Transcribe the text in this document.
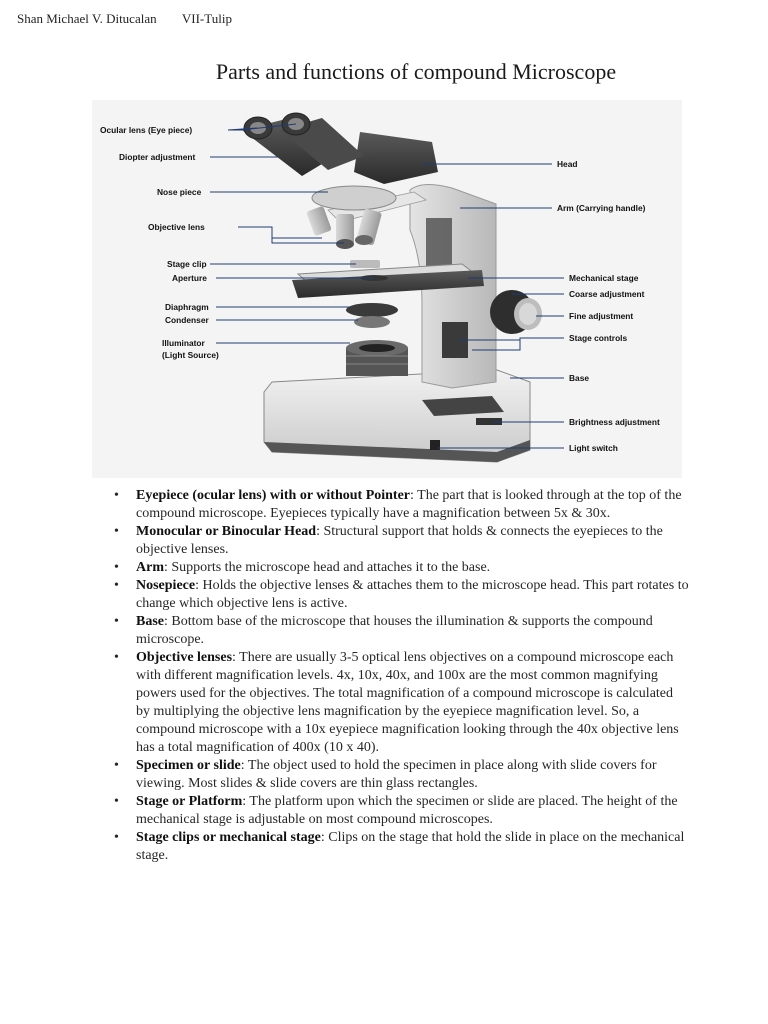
Shan Michael V. Ditucalan VII-Tulip
Parts and functions of compound Microscope
Ocular lens (Eye piece)
Diopter adjustment
Nose piece
Objective lens
Stage clip
Aperture
Diaphragm
Condenser
Illuminator
(Light Source)
Head
Arm (Carrying handle)
Mechanical stage
Coarse adjustment
Fine adjustment
Stage controls
Base
Brightness adjustment
Light switch
• Eyepiece (ocular lens) with or without Pointer: The part that is looked through at the top of the compound microscope. Eyepieces typically have a magnification between 5x & 30x.
• Monocular or Binocular Head: Structural support that holds & connects the eyepieces to the objective lenses.
• Arm: Supports the microscope head and attaches it to the base.
• Nosepiece: Holds the objective lenses & attaches them to the microscope head. This part rotates to change which objective lens is active.
• Base: Bottom base of the microscope that houses the illumination & supports the compound microscope.
• Objective lenses: There are usually 3-5 optical lens objectives on a compound microscope each with different magnification levels. 4x, 10x, 40x, and 100x are the most common magnifying powers used for the objectives. The total magnification of a compound microscope is calculated by multiplying the objective lens magnification by the eyepiece magnification level. So, a compound microscope with a 10x eyepiece magnification looking through the 40x objective lens has a total magnification of 400x (10 x 40).
• Specimen or slide: The object used to hold the specimen in place along with slide covers for viewing. Most slides & slide covers are thin glass rectangles.
• Stage or Platform: The platform upon which the specimen or slide are placed. The height of the mechanical stage is adjustable on most compound microscopes.
• Stage clips or mechanical stage: Clips on the stage that hold the slide in place on the mechanical stage.
